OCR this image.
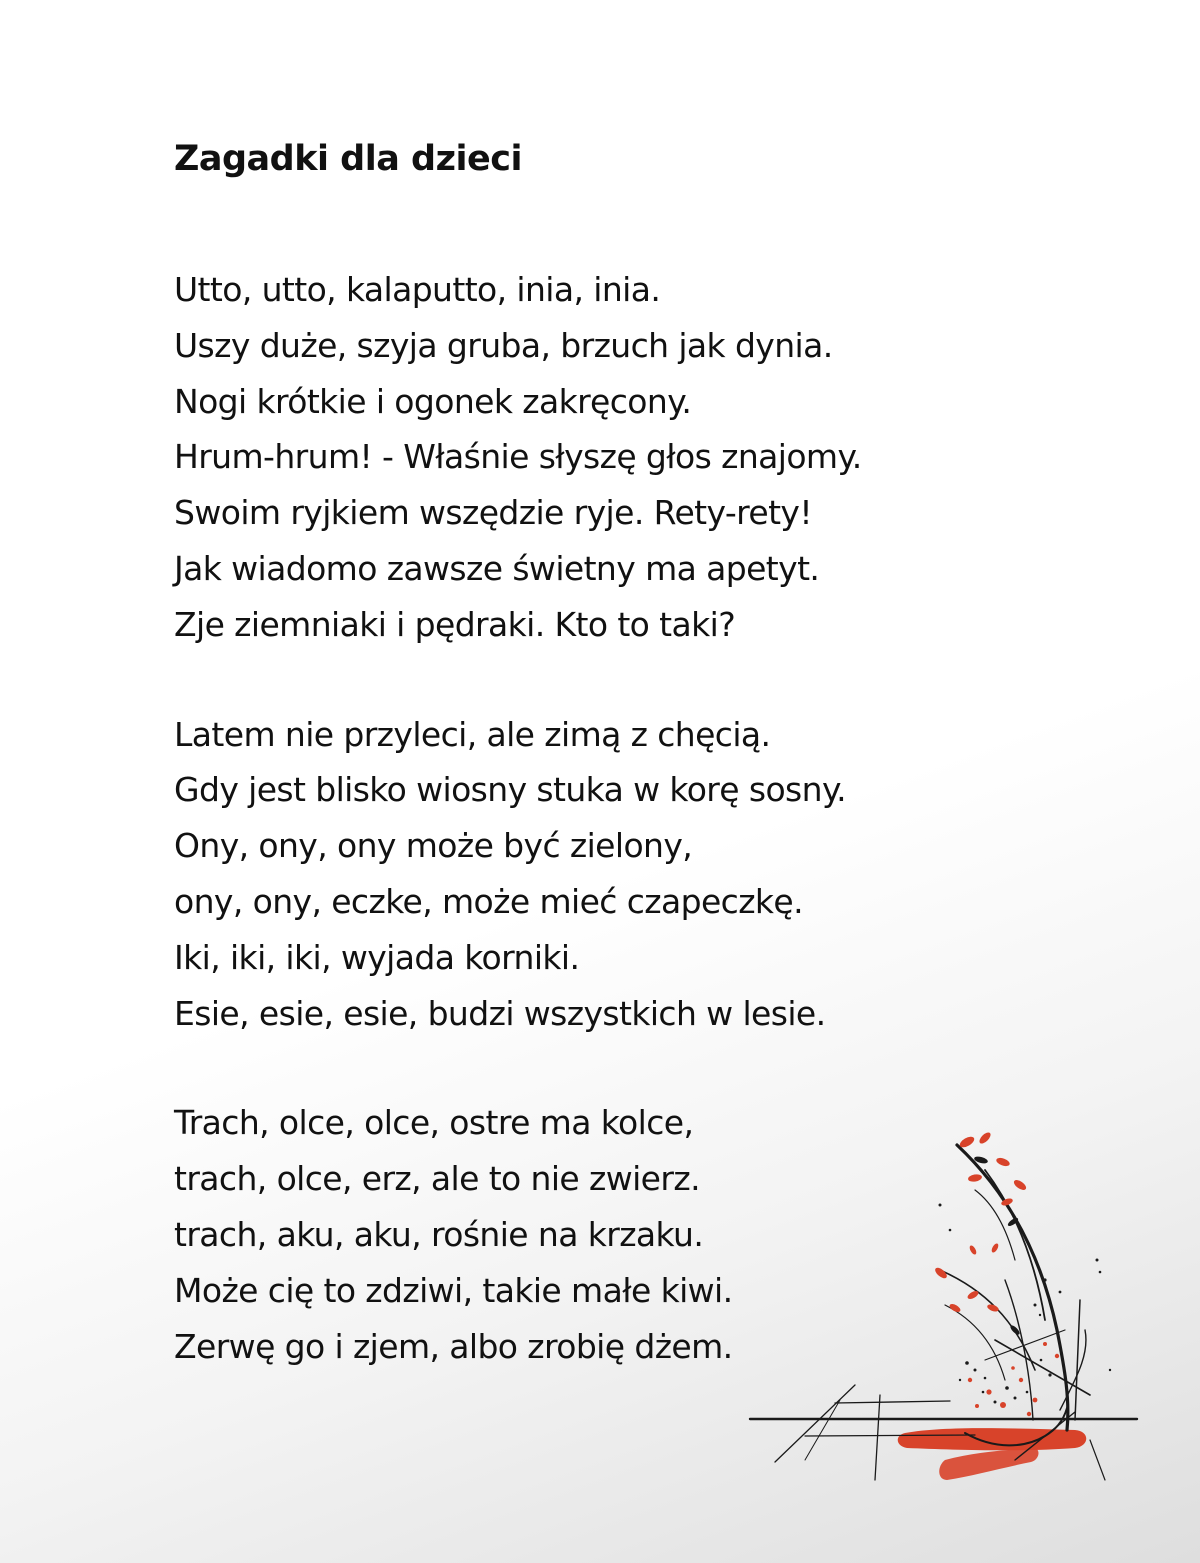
Zagadki dla dzieci
Utto, utto, kalaputto, inia, inia.
Uszy duże, szyja gruba, brzuch jak dynia.
Nogi krótkie i ogonek zakręcony.
Hrum-hrum! - Właśnie słyszę głos znajomy.
Swoim ryjkiem wszędzie ryje. Rety-rety!
Jak wiadomo zawsze świetny ma apetyt.
Zje ziemniaki i pędraki. Kto to taki?
Latem nie przyleci, ale zimą z chęcią.
Gdy jest blisko wiosny stuka w korę sosny.
Ony, ony, ony może być zielony,
ony, ony, eczke, może mieć czapeczkę.
Iki, iki, iki, wyjada korniki.
Esie, esie, esie, budzi wszystkich w lesie.
Trach, olce, olce, ostre ma kolce,
trach, olce, erz, ale to nie zwierz.
trach, aku, aku, rośnie na krzaku.
Może cię to zdziwi, takie małe kiwi.
Zerwę go i zjem, albo zrobię dżem.
